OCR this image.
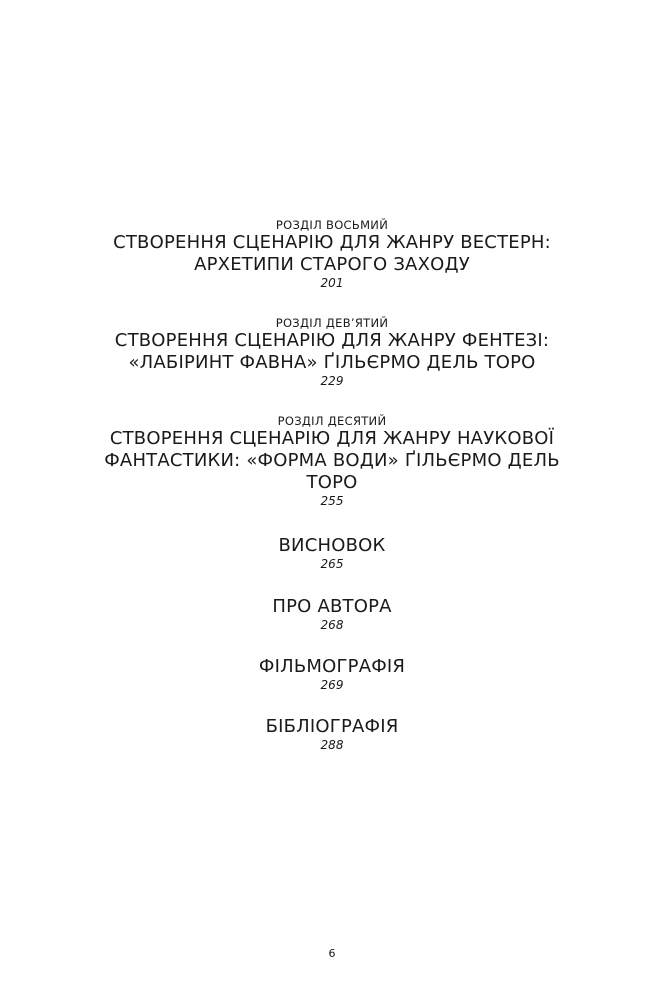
РОЗДІЛ ВОСЬМИЙ

СТВОРЕННЯ СЦЕНАРІЮ ДЛЯ ЖАНРУ ВЕСТЕРН:

АРХЕТИПИ СТАРОГО ЗАХОДУ

201

РОЗДІЛ ДЕВ’ЯТИЙ

СТВОРЕННЯ СЦЕНАРІЮ ДЛЯ ЖАНРУ ФЕНТЕЗІ:

«ЛАБІРИНТ ФАВНА» ҐІЛЬЄРМО ДЕЛЬ ТОРО

229

РОЗДІЛ ДЕСЯТИЙ

СТВОРЕННЯ СЦЕНАРІЮ ДЛЯ ЖАНРУ НАУКОВОЇ

ФАНТАСТИКИ: «ФОРМА ВОДИ» ҐІЛЬЄРМО ДЕЛЬ

ТОРО

255

ВИСНОВОК

265

ПРО АВТОРА

268

ФІЛЬМОГРАФІЯ

269

БІБЛІОГРАФІЯ

288

6
